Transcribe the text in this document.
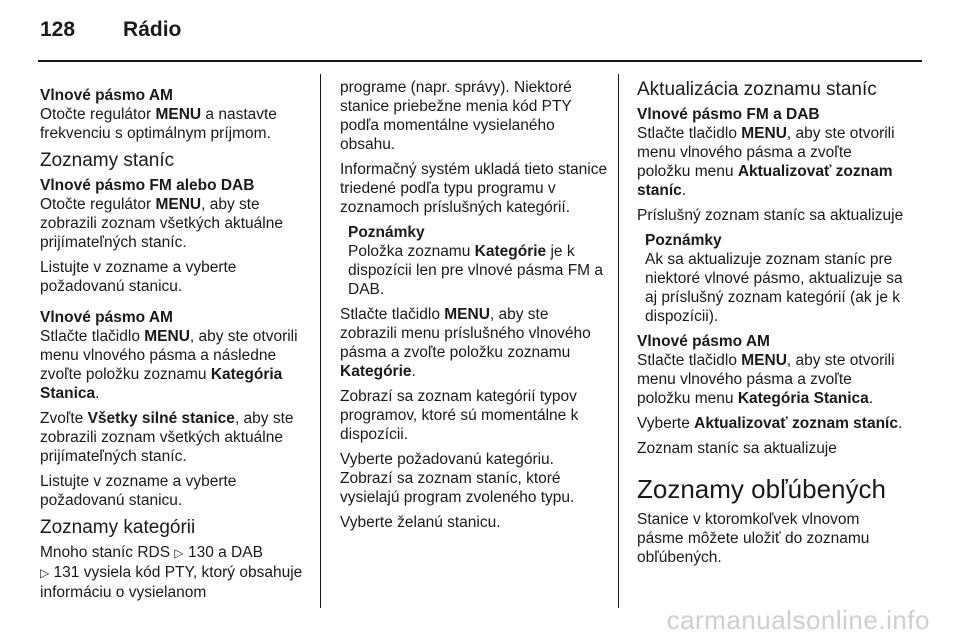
128 Rádio

Vlnové pásmo AM

Otočte regulátor MENU a nastavte frekvenciu s optimálnym príjmom.

Zoznamy staníc

Vlnové pásmo FM alebo DAB

Otočte regulátor MENU, aby ste zobrazili zoznam všetkých aktuálne prijímateľných staníc.

Listujte v zozname a vyberte požadovanú stanicu.

Vlnové pásmo AM

Stlačte tlačidlo MENU, aby ste otvorili menu vlnového pásma a následne zvoľte položku zoznamu Kategória Stanica.

Zvoľte Všetky silné stanice, aby ste zobrazili zoznam všetkých aktuálne prijímateľných staníc.

Listujte v zozname a vyberte požadovanú stanicu.

Zoznamy kategórii

Mnoho staníc RDS ▷ 130 a DAB
▷ 131 vysiela kód PTY, ktorý obsahuje informáciu o vysielanom

programe (napr. správy). Niektoré stanice priebežne menia kód PTY podľa momentálne vysielaného obsahu.

Informačný systém ukladá tieto stanice triedené podľa typu programu v zoznamoch príslušných kategórií.

Poznámky
Položka zoznamu Kategórie je k dispozícii len pre vlnové pásma FM a DAB.

Stlačte tlačidlo MENU, aby ste zobrazili menu príslušného vlnového pásma a zvoľte položku zoznamu Kategórie.

Zobrazí sa zoznam kategórií typov programov, ktoré sú momentálne k dispozícii.

Vyberte požadovanú kategóriu. Zobrazí sa zoznam staníc, ktoré vysielajú program zvoleného typu.

Vyberte želanú stanicu.

Aktualizácia zoznamu staníc

Vlnové pásmo FM a DAB

Stlačte tlačidlo MENU, aby ste otvorili menu vlnového pásma a zvoľte položku menu Aktualizovať zoznam staníc.

Príslušný zoznam staníc sa aktualizuje

Poznámky
Ak sa aktualizuje zoznam staníc pre niektoré vlnové pásmo, aktualizuje sa aj príslušný zoznam kategórií (ak je k dispozícii).

Vlnové pásmo AM

Stlačte tlačidlo MENU, aby ste otvorili menu vlnového pásma a zvoľte položku menu Kategória Stanica.

Vyberte Aktualizovať zoznam staníc.

Zoznam staníc sa aktualizuje

Zoznamy obľúbených

Stanice v ktoromkoľvek vlnovom pásme môžete uložiť do zoznamu obľúbených.

carmanualsonline.info
